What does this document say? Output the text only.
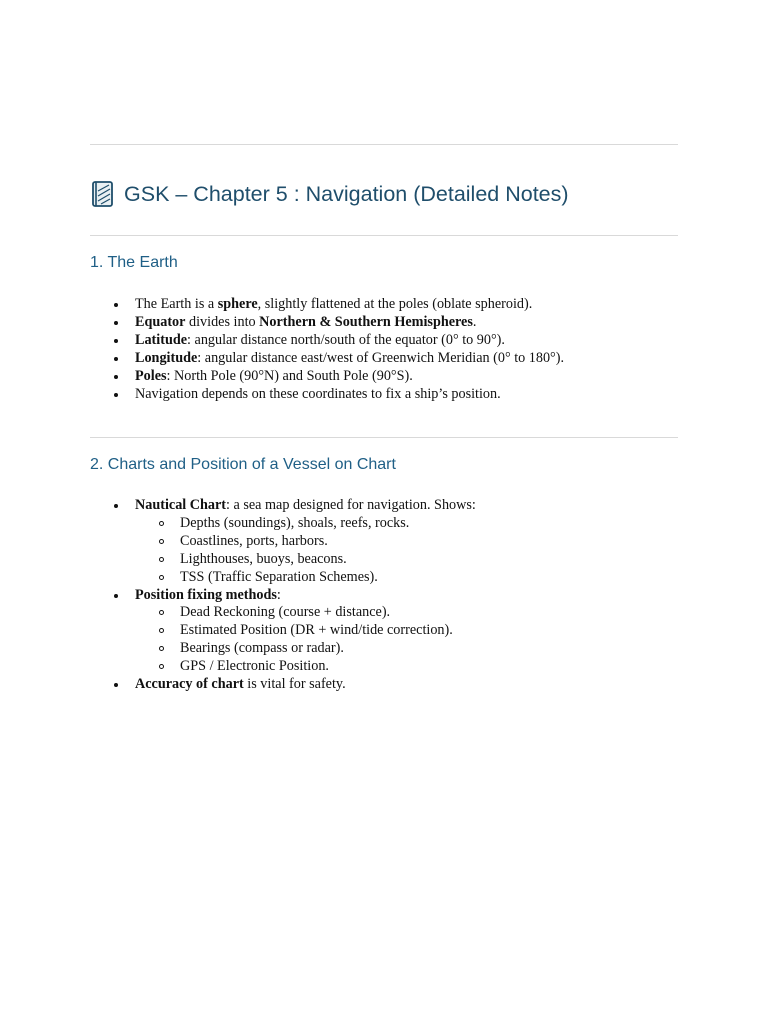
GSK – Chapter 5 : Navigation (Detailed Notes)
1. The Earth
The Earth is a sphere, slightly flattened at the poles (oblate spheroid).
Equator divides into Northern & Southern Hemispheres.
Latitude: angular distance north/south of the equator (0° to 90°).
Longitude: angular distance east/west of Greenwich Meridian (0° to 180°).
Poles: North Pole (90°N) and South Pole (90°S).
Navigation depends on these coordinates to fix a ship’s position.
2. Charts and Position of a Vessel on Chart
Nautical Chart: a sea map designed for navigation. Shows:
Depths (soundings), shoals, reefs, rocks.
Coastlines, ports, harbors.
Lighthouses, buoys, beacons.
TSS (Traffic Separation Schemes).
Position fixing methods:
Dead Reckoning (course + distance).
Estimated Position (DR + wind/tide correction).
Bearings (compass or radar).
GPS / Electronic Position.
Accuracy of chart is vital for safety.
